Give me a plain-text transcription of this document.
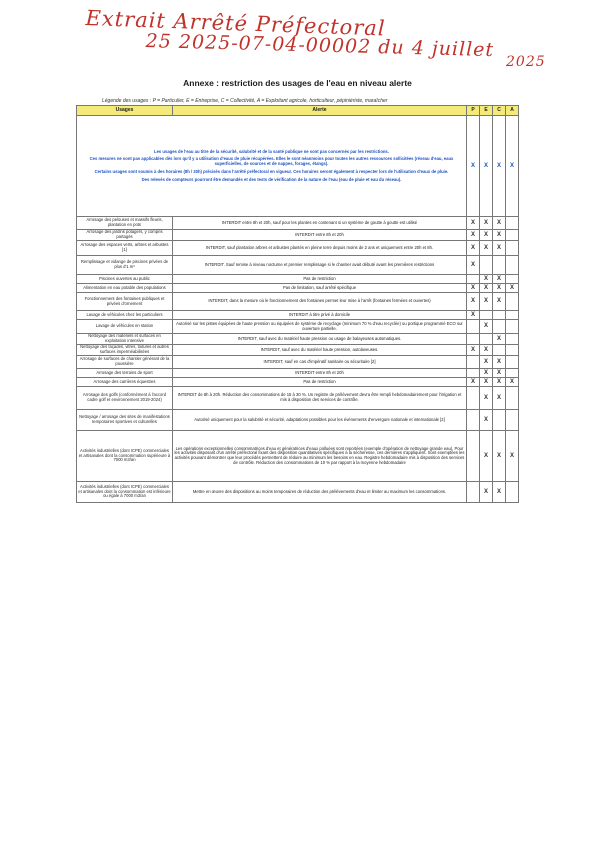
Extrait Arrêté Préfectoral
25 2025-07-04-00002 du 4 juillet
2025
Annexe : restriction des usages de l'eau en niveau alerte
Légende des usages : P = Particulier, E = Entreprise, C = Collectivité, A = Exploitant agricole, horticulteur, pépiniériste, maraîcher
Usages	Alerte	P	E	C	A

Les usages de l'eau au titre de la sécurité, salubrité et de la santé publique ne sont pas concernés par les restrictions.

Ces mesures ne sont pas applicables dès lors qu'il y a utilisation d'eaux de pluie récupérées. Elles le sont néanmoins pour toutes les autres ressources sollicitées (réseau d'eau, eaux superficielles, de sources et de nappes, forages, étangs).

Certains usages sont soumis à des horaires (8h / 20h) précisés dans l'arrêté préfectoral en vigueur. Ces horaires seront également à respecter lors de l'utilisation d'eaux de pluie.

Des relevés de compteurs pourront être demandés et des tests de vérification de la nature de l'eau (eau de pluie et eau du réseau).		X	X	X	X
Arrosage des pelouses et massifs fleuris, plantation en pots	INTERDIT entre 8h et 20h, sauf pour les plantes en contenant si un système de goutte à goutte est utilisé	X	X	X	
Arrosage des jardins potagers, y compris partagés	INTERDIT entre 8h et 20h	X	X	X	
Arrosage des espaces verts, arbres et arbustes [1]	INTERDIT, sauf plantation arbres et arbustes plantés en pleine terre depuis moins de 2 ans et uniquement entre 20h et 8h.	X	X	X	
Remplissage et vidange de piscines privées de plus d'1 m³	INTERDIT. Sauf remise à niveau nocturne et premier remplissage si le chantier avait débuté avant les premières restrictions	X			
Piscines ouvertes au public	Pas de restriction		X	X	
Alimentation en eau potable des populations	Pas de limitation, sauf arrêté spécifique	X	X	X	X
Fonctionnement des fontaines publiques et privées d'ornement	INTERDIT, dans la mesure où le fonctionnement des fontaines permet leur mise à l'arrêt (fontaines fermées et ouvertes)	X	X	X	
Lavage de véhicules chez les particuliers	INTERDIT à titre privé à domicile	X			
Lavage de véhicules en station	Autorisé sur les pistes équipées de haute pression ou équipées de système de recyclage (minimum 70 % d'eau recyclée) ou portique programmé ECO sur ouverture partielle.		X		
Nettoyage des matériels et surfaces en exploitation intensive	INTERDIT, sauf avec du matériel haute pression ou usage de balayeuses automatiques.			X	
Nettoyage des façades, vitres, toitures et autres surfaces imperméabilisées	INTERDIT, sauf avec du matériel haute pression, autolaveuses.	X	X		
Arrosage de surfaces de chantier générant de la poussière	INTERDIT, sauf en cas d'impératif sanitaire ou sécuritaire [2]		X	X	
Arrosage des terrains de sport	INTERDIT entre 8h et 20h		X	X	
Arrosage des carrières équestres	Pas de restriction	X	X	X	X
Arrosage des golfs (conformément à l'accord cadre golf et environnement 2019-2024)	INTERDIT de 8h à 20h. Réduction des consommations de 15 à 30 %. Un registre de prélèvement devra être rempli hebdomadairement pour l'irrigation et mis à disposition des services de contrôle.		X	X	
Nettoyage / arrosage des sites de manifestations temporaires sportives et culturelles	Autorisé uniquement pour la salubrité et sécurité, adaptations possibles pour les événements d'envergure nationale et internationale [2]		X		
Activités industrielles (dont ICPE) commerciales et artisanales dont la consommation supérieure à 7000 m3/an	Les opérations exceptionnelles consommatrices d'eau et génératrices d'eaux polluées sont reportées (exemple d'opération de nettoyage grande eau). Pour les activités disposant d'un arrêté préfectoral fixant des disposition quantitatives spécifiques à la sécheresse, ces dernières s'appliquent. Sont exemptées les activités pouvant démontrer que leur procédés permettent de réduire au minimum les besoins en eau. Registre hebdomadaire mis à disposition des services de contrôle. Réduction des consommations de 10 % par rapport à la moyenne hebdomadaire		X	X	X
Activités industrielles (dont ICPE) commerciales et artisanales dont la consommation est inférieure ou égale à 7000 m3/an	Mettre en œuvre des dispositions au moins temporaires de réduction des prélèvements d'eau et limiter au maximum les consommations.		X	X	
